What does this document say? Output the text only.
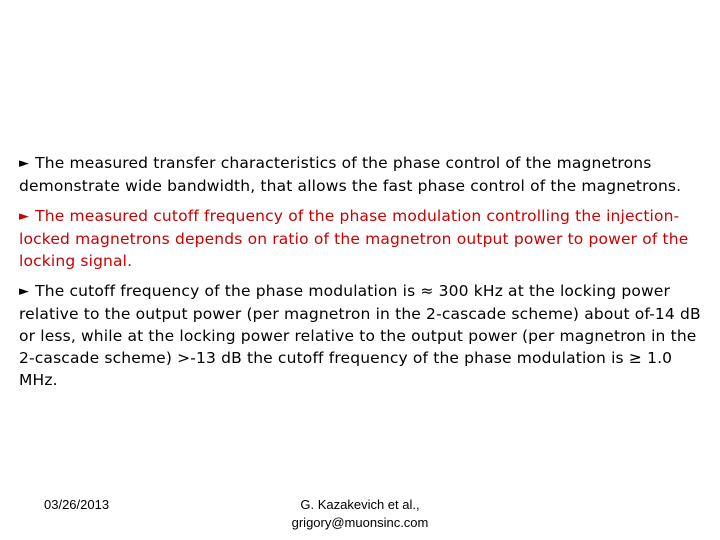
► The measured transfer characteristics of the phase control of the magnetrons demonstrate wide bandwidth, that allows the fast phase control of the magnetrons.

► The measured cutoff frequency of the phase modulation controlling the injection-locked magnetrons depends on ratio of the magnetron output power to power of the locking signal.

► The cutoff frequency of the phase modulation is ≈ 300 kHz at the locking power relative to the output power (per magnetron in the 2-cascade scheme) about of-14 dB or less, while at the locking power relative to the output power (per magnetron in the 2-cascade scheme) >-13 dB the cutoff frequency of the phase modulation is ≥ 1.0 MHz.

03/26/2013	G. Kazakevich et al.,
grigory@muonsinc.com
